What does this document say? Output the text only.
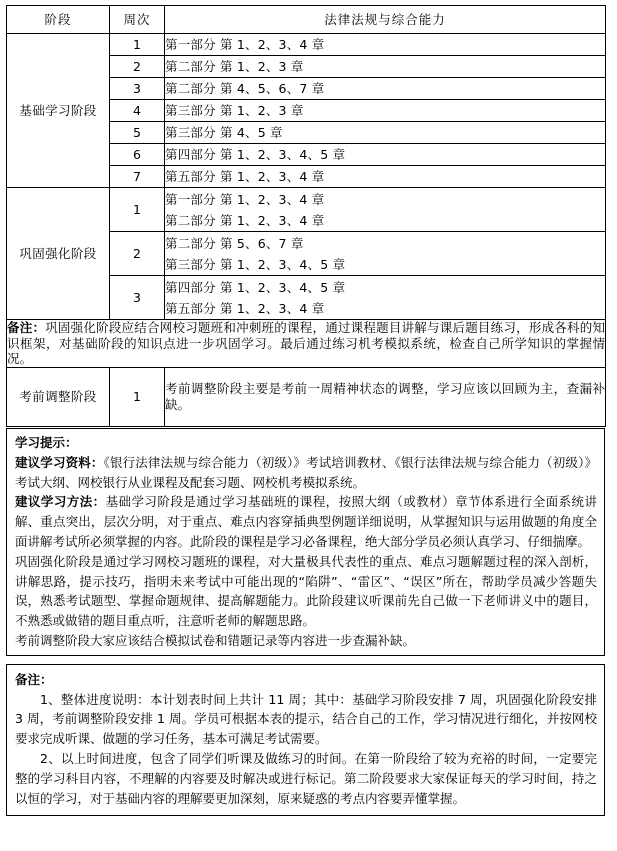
阶段	周次	法律法规与综合能力
基础学习阶段	1	第一部分 第 1、2、3、4 章

	2	第二部分 第 1、2、3 章

	3	第二部分 第 4、5、6、7 章

	4	第三部分 第 1、2、3 章

	5	第三部分 第 4、5 章

	6	第四部分 第 1、2、3、4、5 章

	7	第五部分 第 1、2、3、4 章

巩固强化阶段	1	第一部分 第 1、2、3、4 章
第二部分 第 1、2、3、4 章

	2	第二部分 第 5、6、7 章
第三部分 第 1、2、3、4、5 章

	3	第四部分 第 1、2、3、4、5 章
第五部分 第 1、2、3、4 章

备注：巩固强化阶段应结合网校习题班和冲刺班的课程，通过课程题目讲解与课后题目练习，形成各科的知识框架，对基础阶段的知识点进一步巩固学习。最后通过练习机考模拟系统，检查自己所学知识的掌握情况。		
考前调整阶段	1	考前调整阶段主要是考前一周精神状态的调整，学习应该以回顾为主，查漏补缺。

学习提示：

建议学习资料：《银行法律法规与综合能力（初级）》考试培训教材、《银行法律法规与综合能力（初级）》考试大纲、网校银行从业课程及配套习题、网校机考模拟系统。

建议学习方法：基础学习阶段是通过学习基础班的课程，按照大纲（或教材）章节体系进行全面系统讲解、重点突出，层次分明，对于重点、难点内容穿插典型例题详细说明，从掌握知识与运用做题的角度全面讲解考试所必须掌握的内容。此阶段的课程是学习必备课程，绝大部分学员必须认真学习、仔细揣摩。

巩固强化阶段是通过学习网校习题班的课程，对大量极具代表性的重点、难点习题解题过程的深入剖析，讲解思路，提示技巧，指明未来考试中可能出现的“陷阱”、“雷区”、“误区”所在，帮助学员减少答题失误，熟悉考试题型、掌握命题规律、提高解题能力。此阶段建议听课前先自己做一下老师讲义中的题目，不熟悉或做错的题目重点听，注意听老师的解题思路。

考前调整阶段大家应该结合模拟试卷和错题记录等内容进一步查漏补缺。

备注：

1、整体进度说明：本计划表时间上共计 11 周；其中：基础学习阶段安排 7 周，巩固强化阶段安排 3 周，考前调整阶段安排 1 周。学员可根据本表的提示，结合自己的工作，学习情况进行细化，并按网校要求完成听课、做题的学习任务，基本可满足考试需要。

2、以上时间进度，包含了同学们听课及做练习的时间。在第一阶段给了较为充裕的时间，一定要完整的学习科目内容，不理解的内容要及时解决或进行标记。第二阶段要求大家保证每天的学习时间，持之以恒的学习，对于基础内容的理解要更加深刻，原来疑惑的考点内容要弄懂掌握。
